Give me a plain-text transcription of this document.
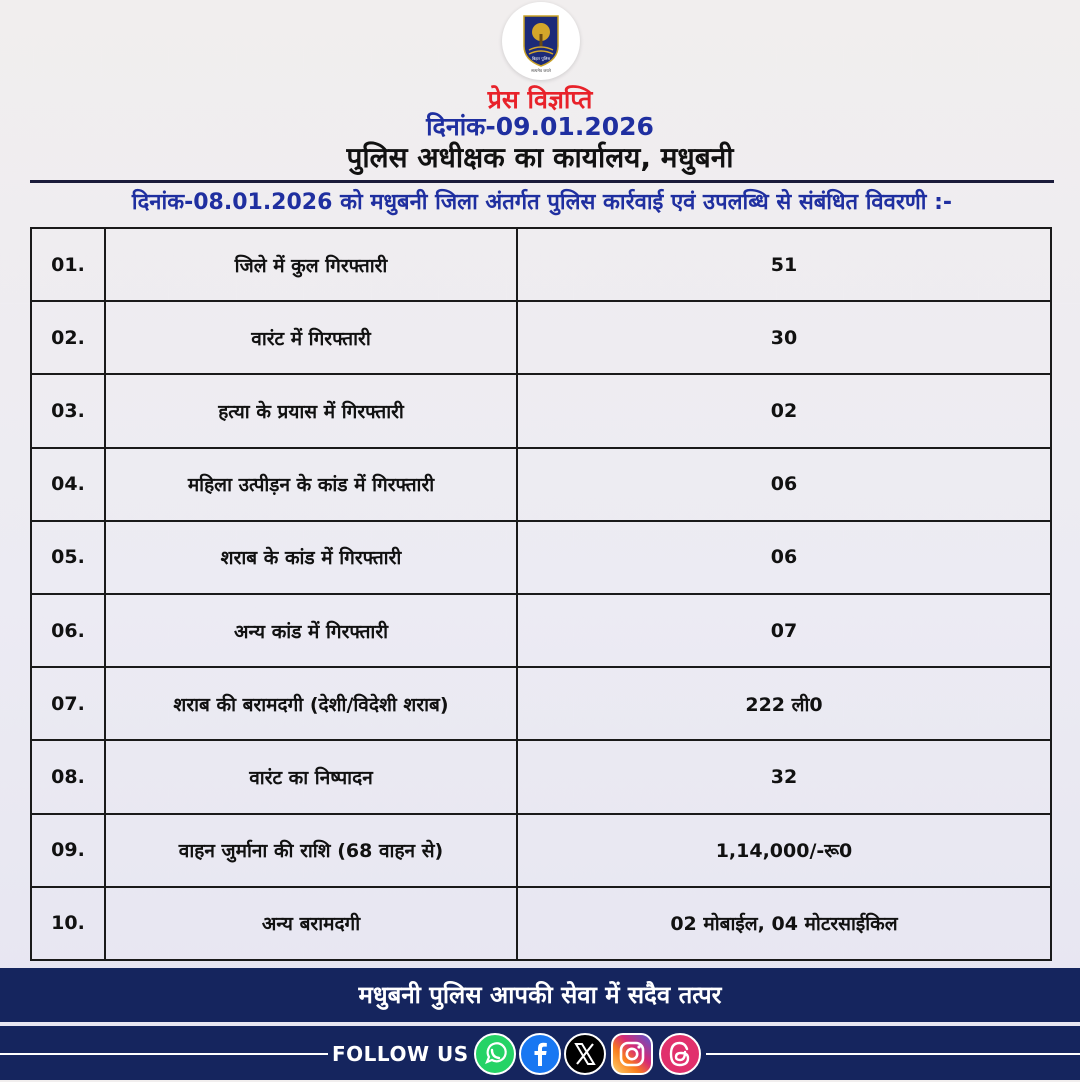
बिहार पुलिस
सत्यमेव जयते
प्रेस विज्ञप्ति
दिनांक-09.01.2026
पुलिस अधीक्षक का कार्यालय, मधुबनी
दिनांक-08.01.2026 को मधुबनी जिला अंतर्गत पुलिस कार्रवाई एवं उपलब्धि से संबंधित विवरणी :-
01.	जिले में कुल गिरफ्तारी	51
02.	वारंट में गिरफ्तारी	30
03.	हत्या के प्रयास में गिरफ्तारी	02
04.	महिला उत्पीड़न के कांड में गिरफ्तारी	06
05.	शराब के कांड में गिरफ्तारी	06
06.	अन्य कांड में गिरफ्तारी	07
07.	शराब की बरामदगी (देशी/विदेशी शराब)	222 ली0
08.	वारंट का निष्पादन	32
09.	वाहन जुर्माना की राशि (68 वाहन से)	1,14,000/-रू0
10.	अन्य बरामदगी	02 मोबाईल, 04 मोटरसाईकिल
मधुबनी पुलिस आपकी सेवा में सदैव तत्पर
FOLLOW US
